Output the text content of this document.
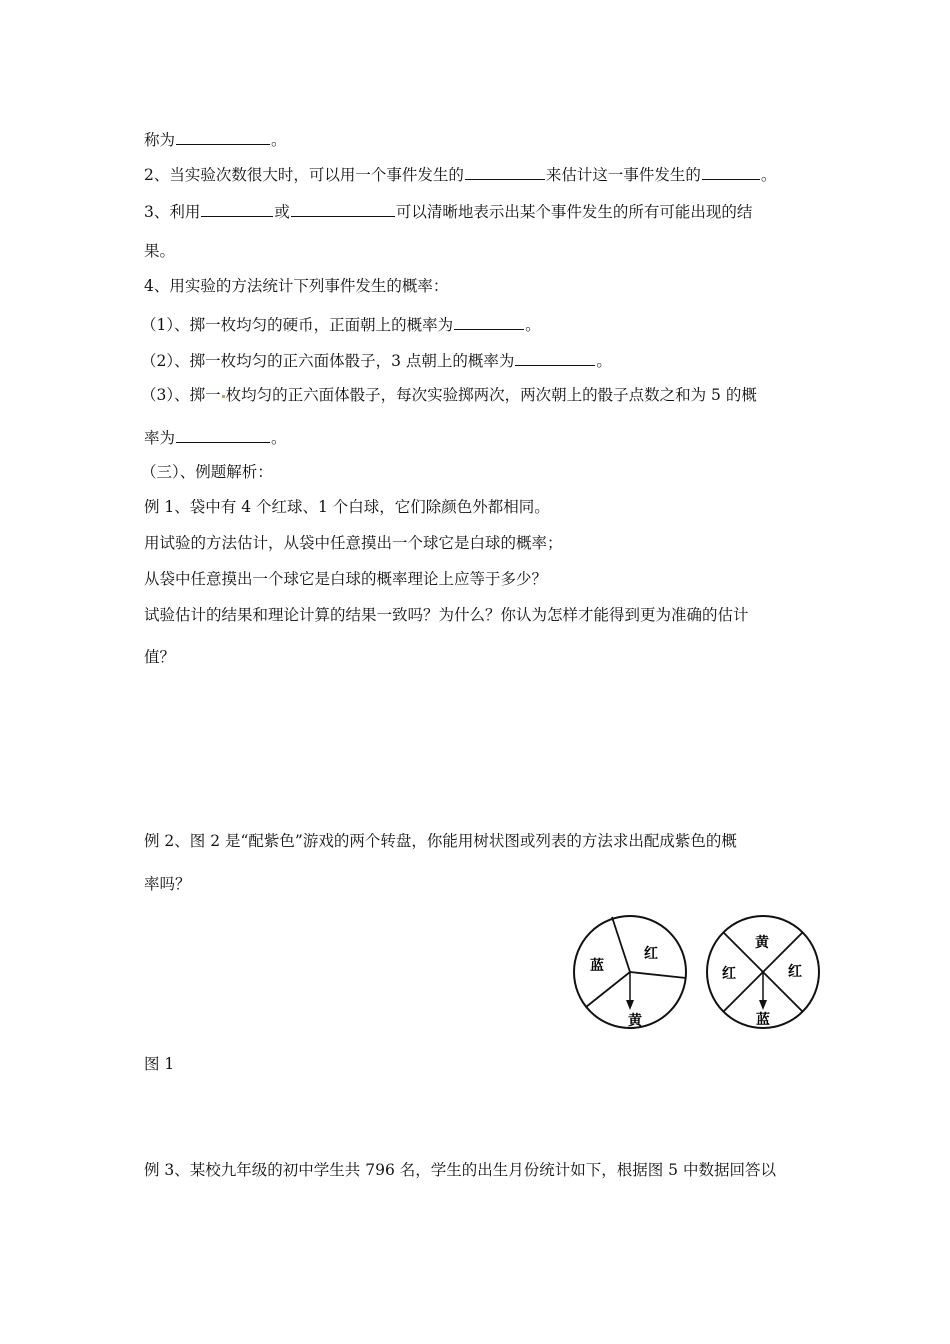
称为	。
2、当实验次数很大时，可以用一个事件发生的	来估计这一事件发生的	。
3、利用	或	可以清晰地表示出某个事件发生的所有可能出现的结
果。
4、用实验的方法统计下列事件发生的概率：
（1）、掷一枚均匀的硬币，正面朝上的概率为	。
（2）、掷一枚均匀的正六面体骰子，3 点朝上的概率为	。
（3）、掷一 枚均匀的正六面体骰子，每次实验掷两次，两次朝上的骰子点数之和为 5 的概
率为	。
（三）、例题解析：
例 1、袋中有 4 个红球、1 个白球，它们除颜色外都相同。
用试验的方法估计，从袋中任意摸出一个球它是白球的概率；
从袋中任意摸出一个球它是白球的概率理论上应等于多少？
试验估计的结果和理论计算的结果一致吗？为什么？你认为怎样才能得到更为准确的估计
值？
例 2、图 2 是“配紫色”游戏的两个转盘，你能用树状图或列表的方法求出配成紫色的概
率吗？
蓝
红
黄
黄
红	红
蓝
图 1
例 3、某校九年级的初中学生共 796 名，学生的出生月份统计如下，根据图 5 中数据回答以
